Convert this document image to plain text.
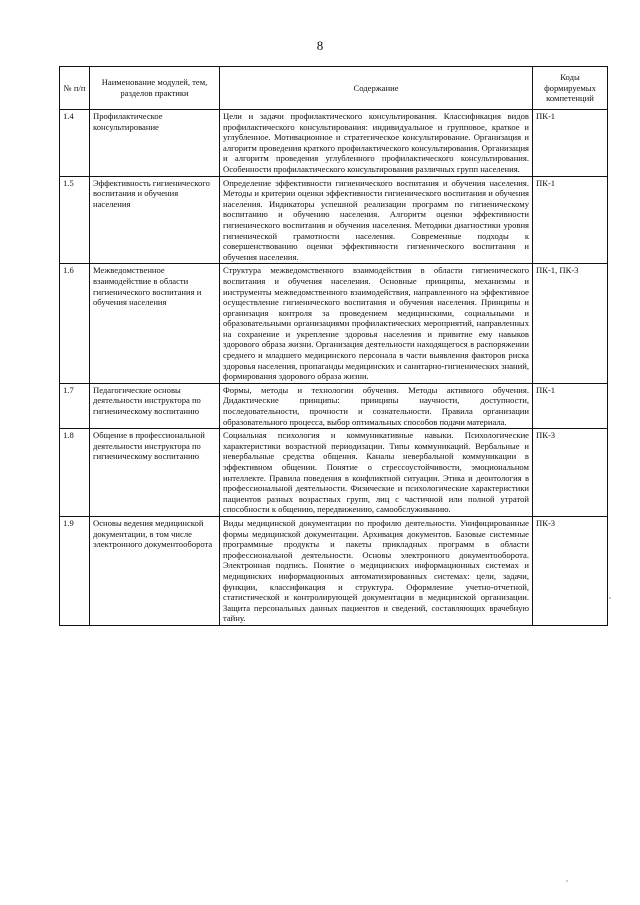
8
№ п/п	Наименование модулей, тем, разделов практики	Содержание	Коды формируемых компетенций
1.4	Профилактическое консультирование	Цели и задачи профилактического консультирования. Классификация видов профилактического консультирования: индивидуальное и групповое, краткое и углубленное. Мотивационное и стратегическое консультирование. Организация и алгоритм проведения краткого профилактического консультирования. Организация и алгоритм проведения углубленного профилактического консультирования. Особенности профилактического консультирования различных групп населения.	ПК-1
1.5	Эффективность гигиенического воспитания и обучения населения	Определение эффективности гигиенического воспитания и обучения населения. Методы и критерии оценки эффективности гигиенического воспитания и обучения населения. Индикаторы успешной реализации программ по гигиеническому воспитанию и обучению населения. Алгоритм оценки эффективности гигиенического воспитания и обучения населения. Методики диагностики уровня гигиенической грамотности населения. Современные подходы к совершенствованию оценки эффективности гигиенического воспитания и обучения населения.	ПК-1
1.6	Межведомственное взаимодействие в области гигиенического воспитания и обучения населения	Структура межведомственного взаимодействия в области гигиенического воспитания и обучения населения. Основные принципы, механизмы и инструменты межведомственного взаимодействия, направленного на эффективное осуществление гигиенического воспитания и обучения населения. Принципы и организация контроля за проведением медицинскими, социальными и образовательными организациями профилактических мероприятий, направленных на сохранение и укрепление здоровья населения и привитие ему навыков здорового образа жизни. Организация деятельности находящегося в распоряжении среднего и младшего медицинского персонала в части выявления факторов риска здоровья населения, пропаганды медицинских и санитарно-гигиенических знаний, формирования здорового образа жизни.	ПК-1, ПК-3
1.7	Педагогические основы деятельности инструктора по гигиеническому воспитанию	Формы, методы и технологии обучения. Методы активного обучения. Дидактические принципы: принципы научности, доступности, последовательности, прочности и сознательности. Правила организации образовательного процесса, выбор оптимальных способов подачи материала.	ПК-1
1.8	Общение в профессиональной деятельности инструктора по гигиеническому воспитанию	Социальная психология и коммуникативные навыки. Психологические характеристики возрастной периодизации. Типы коммуникаций. Вербальные и невербальные средства общения. Каналы невербальной коммуникации в эффективном общении. Понятие о стрессоустойчивости, эмоциональном интеллекте. Правила поведения в конфликтной ситуации. Этика и деонтология в профессиональной деятельности. Физические и психологические характеристики пациентов разных возрастных групп, лиц с частичной или полной утратой способности к общению, передвижению, самообслуживанию.	ПК-3
1.9	Основы ведения медицинской документации, в том числе электронного документооборота	Виды медицинской документации по профилю деятельности. Унифицированные формы медицинской документации. Архивация документов. Базовые системные программные продукты и пакеты прикладных программ в области профессиональной деятельности. Основы электронного документооборота. Электронная подпись. Понятие о медицинских информационных системах и медицинских информационных автоматизированных системах: цели, задачи, функции, классификация и структура. Оформление учетно-отчетной, статистической и контролирующей документации в медицинской организации. Защита персональных данных пациентов и сведений, составляющих врачебную тайну.	ПК-3
